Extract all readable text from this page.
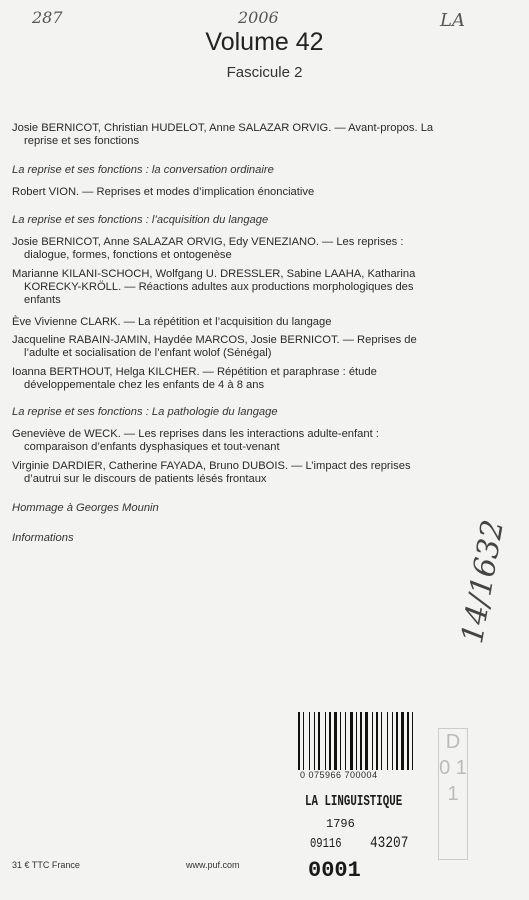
287	2006	LA
Volume 42
Fascicule 2
Josie BERNICOT, Christian HUDELOT, Anne SALAZAR ORVIG. — Avant-propos. La
reprise et ses fonctions
La reprise et ses fonctions : la conversation ordinaire
Robert VION. — Reprises et modes d’implication énonciative
La reprise et ses fonctions : l’acquisition du langage
Josie BERNICOT, Anne SALAZAR ORVIG, Edy VENEZIANO. — Les reprises :
dialogue, formes, fonctions et ontogenèse
Marianne KILANI-SCHOCH, Wolfgang U. DRESSLER, Sabine LAAHA, Katharina
KORECKY-KRÖLL. — Réactions adultes aux productions morphologiques des
enfants
Ève Vivienne CLARK. — La répétition et l’acquisition du langage
Jacqueline RABAIN-JAMIN, Haydée MARCOS, Josie BERNICOT. — Reprises de
l’adulte et socialisation de l’enfant wolof (Sénégal)
Ioanna BERTHOUT, Helga KILCHER. — Répétition et paraphrase : étude
développementale chez les enfants de 4 à 8 ans
La reprise et ses fonctions : La pathologie du langage
Geneviève de WECK. — Les reprises dans les interactions adulte-enfant :
comparaison d’enfants dysphasiques et tout-venant
Virginie DARDIER, Catherine FAYADA, Bruno DUBOIS. — L’impact des reprises
d’autrui sur le discours de patients lésés frontaux
Hommage à Georges Mounin
Informations	14/1632
0 075966 700004
LA LINGUISTIQUE
1796
09116 43207
0001
D 0 1 1
31 € TTC France	www.puf.com
